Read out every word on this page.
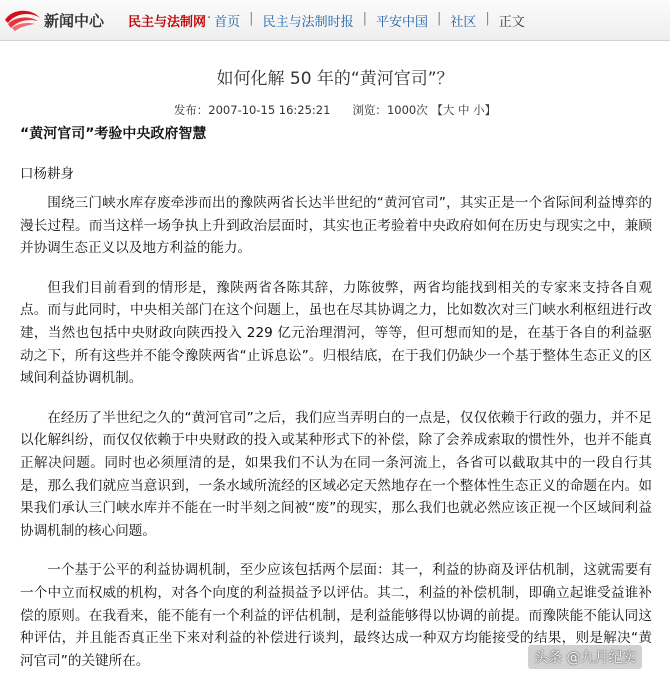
新闻中心 民主与法制网· 首页 | 民主与法制时报 | 平安中国 | 社区 | 正文
如何化解 50 年的“黄河官司”？
发布：2007-10-15 16:25:21 浏览：1000次 【大 中 小】
“黄河官司”考验中央政府智慧
口杨耕身

围绕三门峡水库存废牵涉而出的豫陕两省长达半世纪的“黄河官司”，其实正是一个省际间利益博弈的漫长过程。而当这样一场争执上升到政治层面时，其实也正考验着中央政府如何在历史与现实之中，兼顾并协调生态正义以及地方利益的能力。

但我们目前看到的情形是，豫陕两省各陈其辞，力陈彼弊，两省均能找到相关的专家来支持各自观点。而与此同时，中央相关部门在这个问题上，虽也在尽其协调之力，比如数次对三门峡水利枢纽进行改建，当然也包括中央财政向陕西投入 229 亿元治理渭河，等等，但可想而知的是，在基于各自的利益驱动之下，所有这些并不能令豫陕两省“止诉息讼”。归根结底，在于我们仍缺少一个基于整体生态正义的区域间利益协调机制。

在经历了半世纪之久的“黄河官司”之后，我们应当弄明白的一点是，仅仅依赖于行政的强力，并不足以化解纠纷，而仅仅依赖于中央财政的投入或某种形式下的补偿，除了会养成索取的惯性外，也并不能真正解决问题。同时也必须厘清的是，如果我们不认为在同一条河流上，各省可以截取其中的一段自行其是，那么我们就应当意识到，一条水域所流经的区域必定天然地存在一个整体性生态正义的命题在内。如果我们承认三门峡水库并不能在一时半刻之间被“废”的现实，那么我们也就必然应该正视一个区域间利益协调机制的核心问题。

一个基于公平的利益协调机制，至少应该包括两个层面：其一，利益的协商及评估机制，这就需要有一个中立而权威的机构，对各个向度的利益损益予以评估。其二，利益的补偿机制，即确立起谁受益谁补偿的原则。在我看来，能不能有一个利益的评估机制，是利益能够得以协调的前提。而豫陕能不能认同这种评估，并且能否真正坐下来对利益的补偿进行谈判，最终达成一种双方均能接受的结果，则是解决“黄河官司”的关键所在。	头条 @九月纪实
